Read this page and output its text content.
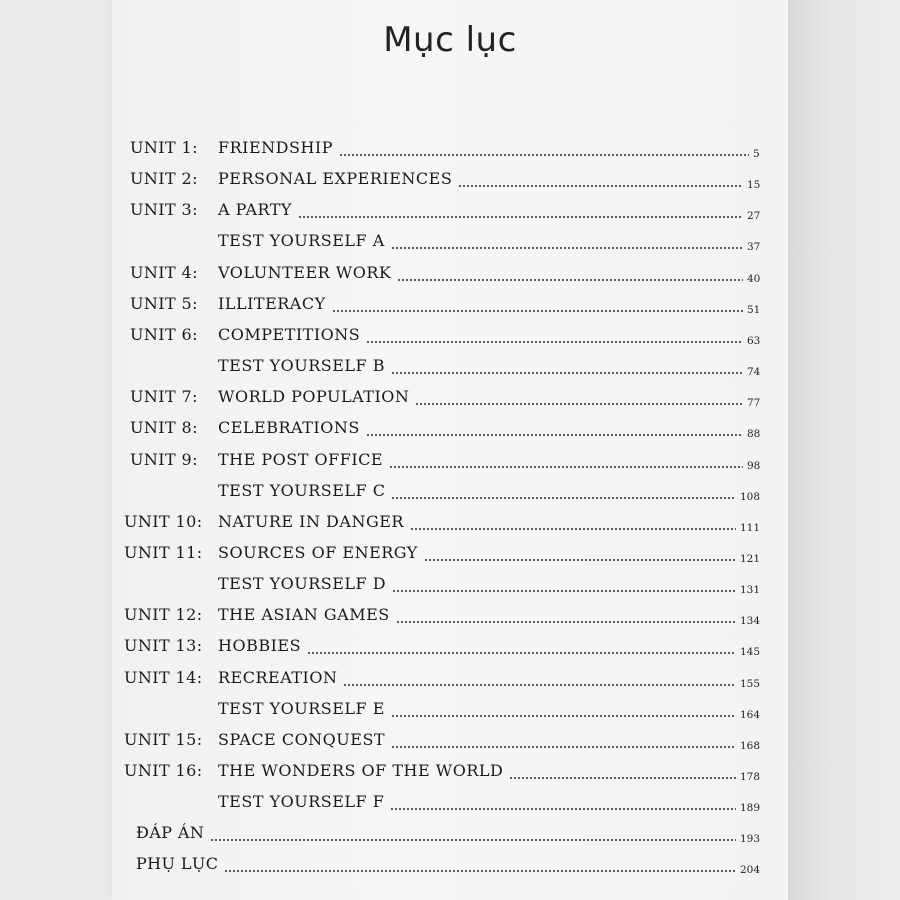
Mục lục
UNIT 1: FRIENDSHIP	5
UNIT 2: PERSONAL EXPERIENCES	15
UNIT 3: A PARTY	27
TEST YOURSELF A	37
UNIT 4: VOLUNTEER WORK	40
UNIT 5: ILLITERACY	51
UNIT 6: COMPETITIONS	63
TEST YOURSELF B	74
UNIT 7: WORLD POPULATION	77
UNIT 8: CELEBRATIONS	88
UNIT 9: THE POST OFFICE	98
TEST YOURSELF C	108
UNIT 10: NATURE IN DANGER	111
UNIT 11: SOURCES OF ENERGY	121
TEST YOURSELF D	131
UNIT 12: THE ASIAN GAMES	134
UNIT 13: HOBBIES	145
UNIT 14: RECREATION	155
TEST YOURSELF E	164
UNIT 15: SPACE CONQUEST	168
UNIT 16: THE WONDERS OF THE WORLD	178
TEST YOURSELF F	189
ĐÁP ÁN	193
PHỤ LỤC	204
